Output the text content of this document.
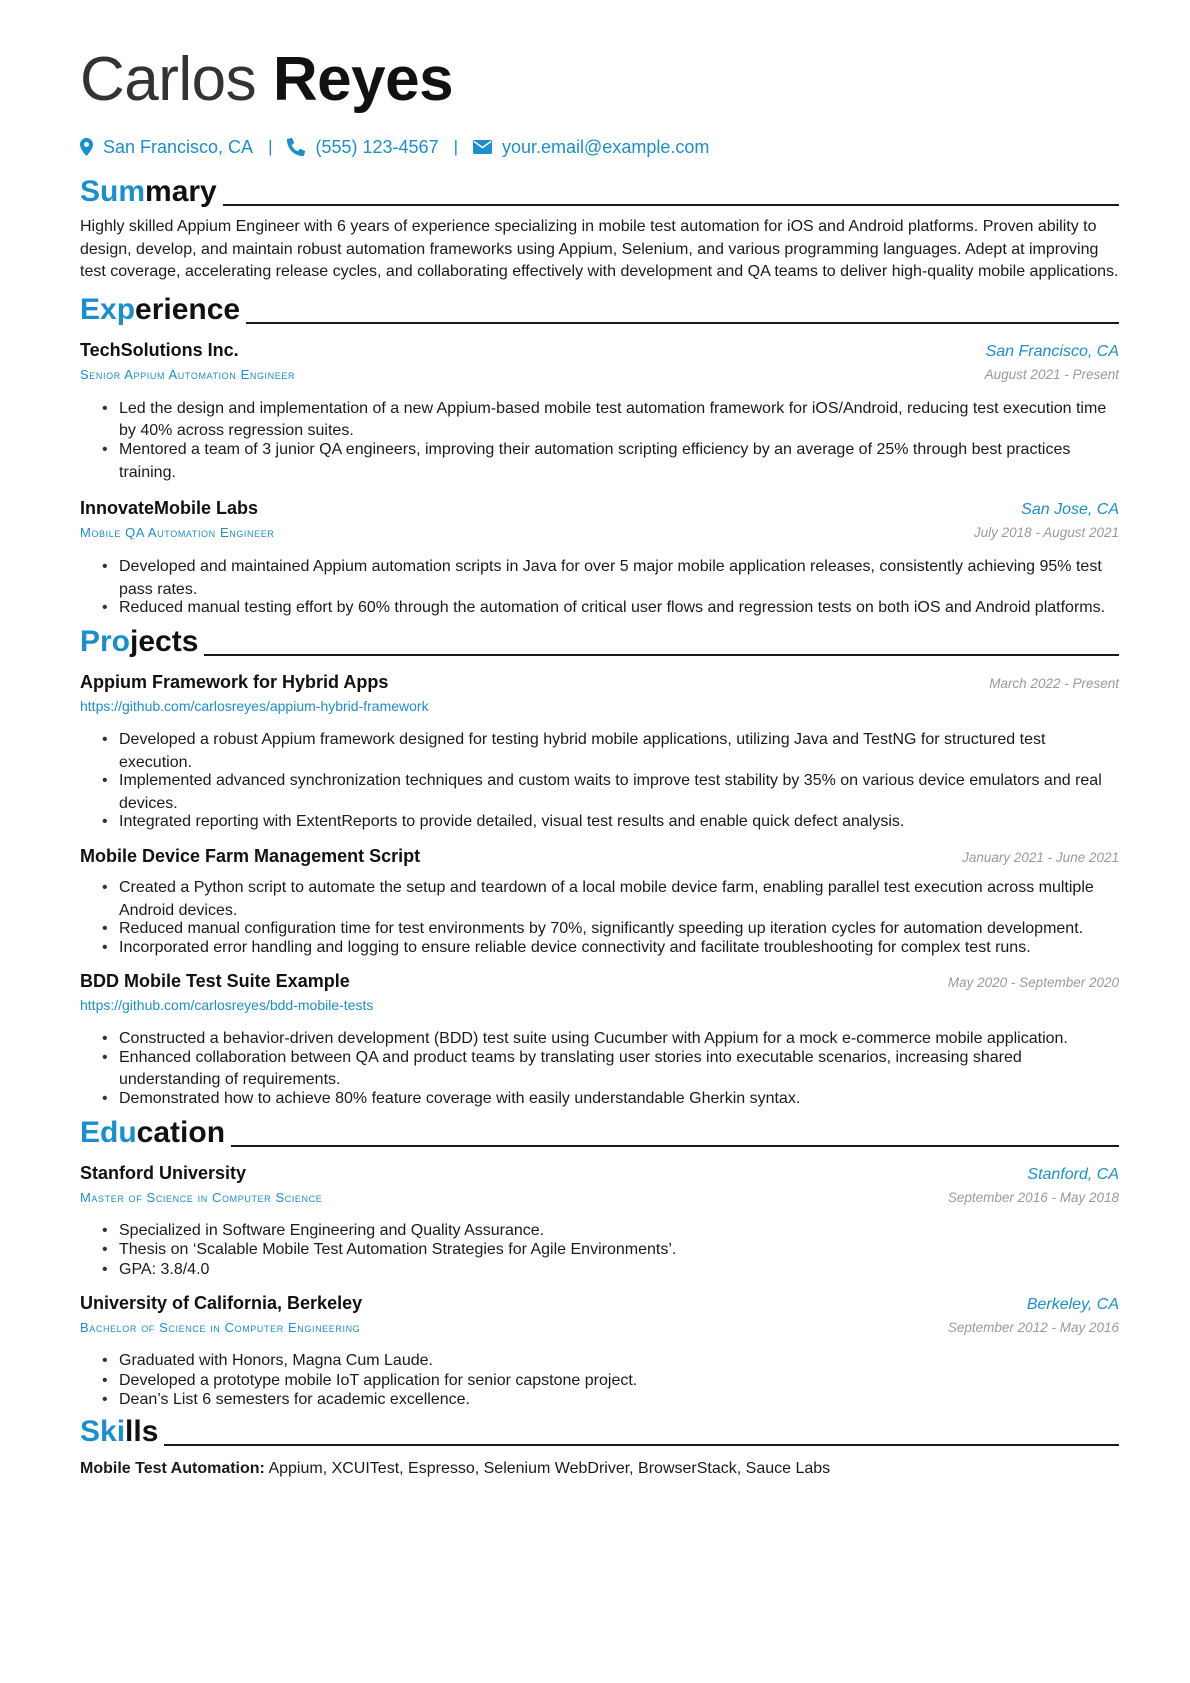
Carlos Reyes
San Francisco, CA | (555) 123-4567 | your.email@example.com
Summary

Highly skilled Appium Engineer with 6 years of experience specializing in mobile test automation for iOS and Android platforms. Proven ability to design, develop, and maintain robust automation frameworks using Appium, Selenium, and various programming languages. Adept at improving test coverage, accelerating release cycles, and collaborating effectively with development and QA teams to deliver high-quality mobile applications.

Experience
TechSolutions Inc.	San Francisco, CA
Senior Appium Automation Engineer	August 2021 - Present
• Led the design and implementation of a new Appium-based mobile test automation framework for iOS/Android, reducing test execution time by 40% across regression suites.
• Mentored a team of 3 junior QA engineers, improving their automation scripting efficiency by an average of 25% through best practices training.
InnovateMobile Labs	San Jose, CA
Mobile QA Automation Engineer	July 2018 - August 2021
• Developed and maintained Appium automation scripts in Java for over 5 major mobile application releases, consistently achieving 95% test pass rates.
• Reduced manual testing effort by 60% through the automation of critical user flows and regression tests on both iOS and Android platforms.
Projects
Appium Framework for Hybrid Apps	March 2022 - Present
https://github.com/carlosreyes/appium-hybrid-framework
• Developed a robust Appium framework designed for testing hybrid mobile applications, utilizing Java and TestNG for structured test execution.
• Implemented advanced synchronization techniques and custom waits to improve test stability by 35% on various device emulators and real devices.
• Integrated reporting with ExtentReports to provide detailed, visual test results and enable quick defect analysis.
Mobile Device Farm Management Script	January 2021 - June 2021
• Created a Python script to automate the setup and teardown of a local mobile device farm, enabling parallel test execution across multiple Android devices.
• Reduced manual configuration time for test environments by 70%, significantly speeding up iteration cycles for automation development.
• Incorporated error handling and logging to ensure reliable device connectivity and facilitate troubleshooting for complex test runs.
BDD Mobile Test Suite Example	May 2020 - September 2020
https://github.com/carlosreyes/bdd-mobile-tests
• Constructed a behavior-driven development (BDD) test suite using Cucumber with Appium for a mock e-commerce mobile application.
• Enhanced collaboration between QA and product teams by translating user stories into executable scenarios, increasing shared understanding of requirements.
• Demonstrated how to achieve 80% feature coverage with easily understandable Gherkin syntax.
Education
Stanford University	Stanford, CA
Master of Science in Computer Science	September 2016 - May 2018
• Specialized in Software Engineering and Quality Assurance.
• Thesis on ‘Scalable Mobile Test Automation Strategies for Agile Environments’.
• GPA: 3.8/4.0
University of California, Berkeley	Berkeley, CA
Bachelor of Science in Computer Engineering	September 2012 - May 2016
• Graduated with Honors, Magna Cum Laude.
• Developed a prototype mobile IoT application for senior capstone project.
• Dean’s List 6 semesters for academic excellence.
Skills
Mobile Test Automation: Appium, XCUITest, Espresso, Selenium WebDriver, BrowserStack, Sauce Labs
